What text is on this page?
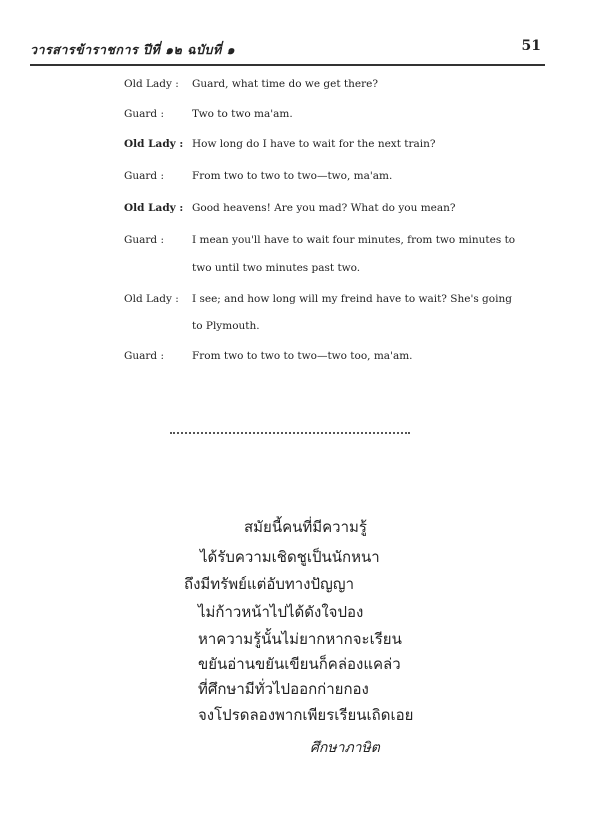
วารสารข้าราชการ ปีที่ ๑๒ ฉบับที่ ๑	51
Old Lady : Guard, what time do we get there?
Guard :	Two to two ma'am.
Old Lady : How long do I have to wait for the next train?
Guard :	From two to two to two—two, ma'am.
Old Lady : Good heavens! Are you mad? What do you mean?
Guard :	I mean you'll have to wait four minutes, from two minutes to
two until two minutes past two.
Old Lady : I see; and how long will my freind have to wait? She's going
to Plymouth.
Guard :	From two to two to two—two too, ma'am.
สมัยนี้คนที่มีความรู้
ได้รับความเชิดชูเป็นนักหนา
ถึงมีทรัพย์แต่อับทางปัญญา
ไม่ก้าวหน้าไปได้ดังใจปอง
หาความรู้นั้นไม่ยากหากจะเรียน
ขยันอ่านขยันเขียนก็คล่องแคล่ว
ที่ศึกษามีทั่วไปออกก่ายกอง
จงโปรดลองพากเพียรเรียนเถิดเอย
ศึกษาภาษิต
